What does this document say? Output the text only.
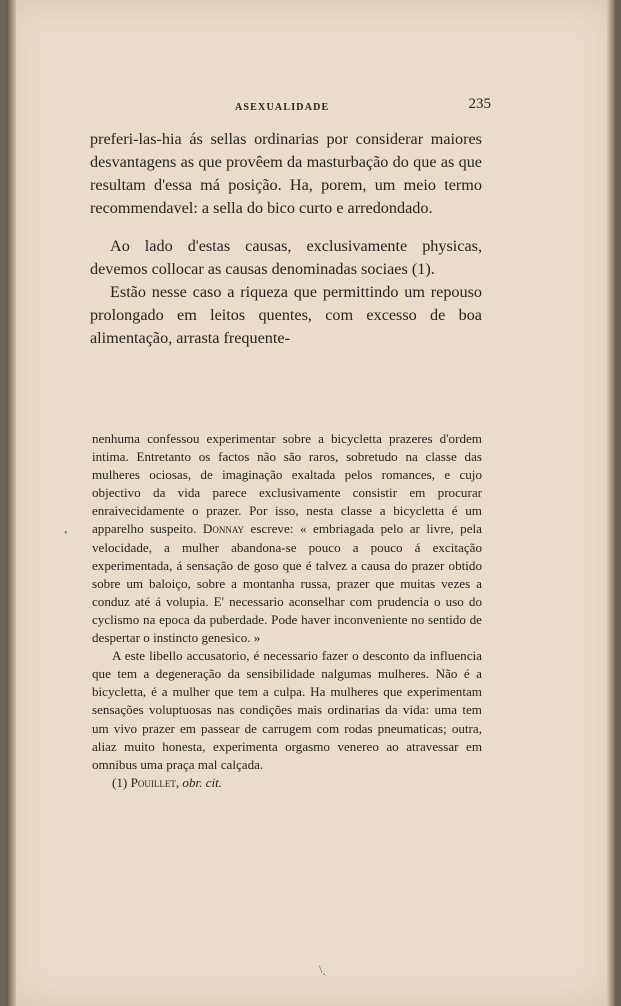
ASEXUALIDADE	235

preferi-las-hia ás sellas ordinarias por considerar maiores desvantagens as que provêem da masturbação do que as que resultam d'essa má posição. Ha, porem, um meio termo recommendavel: a sella do bico curto e arredondado.

Ao lado d'estas causas, exclusivamente physicas, devemos collocar as causas denominadas sociaes (1).

Estão nesse caso a riqueza que permittindo um repouso prolongado em leitos quentes, com excesso de boa alimentação, arrasta frequente-

•

nenhuma confessou experimentar sobre a bicycletta prazeres d'ordem intima. Entretanto os factos não são raros, sobretudo na classe das mulheres ociosas, de imaginação exaltada pelos romances, e cujo objectivo da vida parece exclusivamente consistir em procurar enraivecidamente o prazer. Por isso, nesta classe a bicycletta é um apparelho suspeito. Donnay escreve: « embriagada pelo ar livre, pela velocidade, a mulher abandona-se pouco a pouco á excitação experimentada, á sensação de goso que é talvez a causa do prazer obtido sobre um baloiço, sobre a montanha russa, prazer que muitas vezes a conduz até á volupia. E' necessario aconselhar com prudencia o uso do cyclismo na epoca da puberdade. Pode haver inconveniente no sentido de despertar o instincto genesico. »

A este libello accusatorio, é necessario fazer o desconto da influencia que tem a degeneração da sensibilidade nalgumas mulheres. Não é a bicycletta, é a mulher que tem a culpa. Ha mulheres que experimentam sensações voluptuosas nas condições mais ordinarias da vida: uma tem um vivo prazer em passear de carrugem com rodas pneumaticas; outra, aliaz muito honesta, experimenta orgasmo venereo ao atravessar em omnibus uma praça mal calçada.

(1) Pouillet, obr. cit.

\ˎ
